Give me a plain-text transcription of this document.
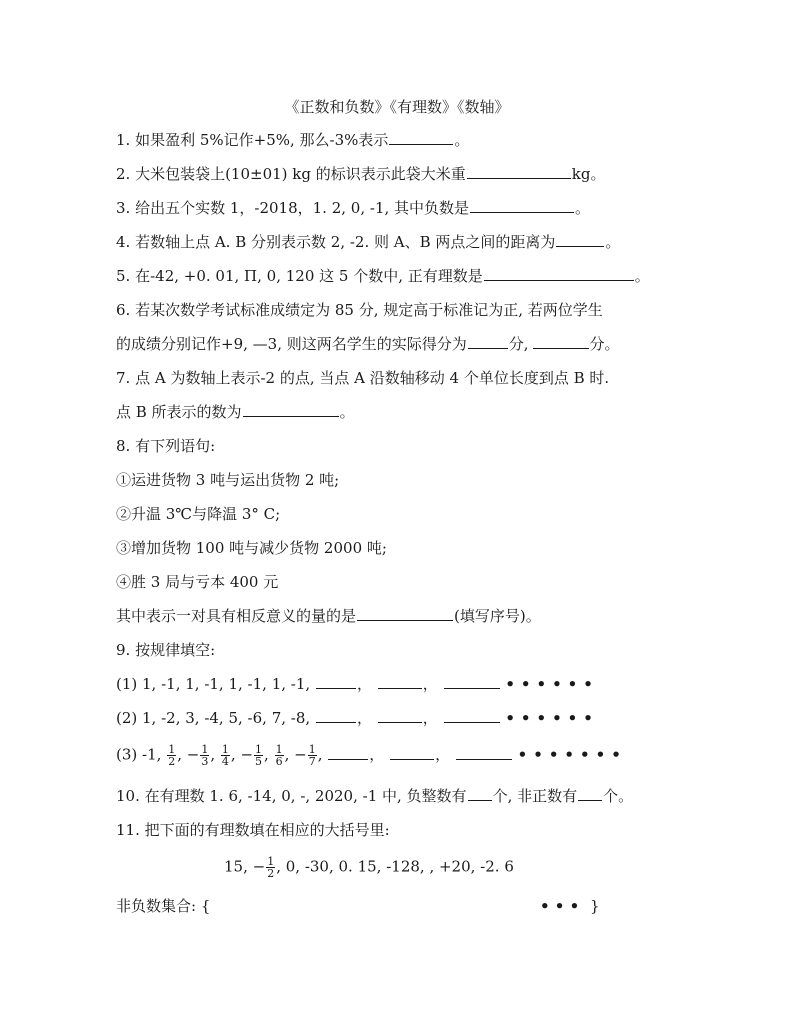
《正数和负数》《有理数》《数轴》
1. 如果盈利 5%记作+5%, 那么-3%表示	。
2. 大米包装袋上(10±01) kg 的标识表示此袋大米重	kg。
3. 给出五个实数 1，-2018，1. 2, 0, -1, 其中负数是	。
4. 若数轴上点 A. B 分别表示数 2, -2. 则 A、B 两点之间的距离为	。
5. 在-42, +0. 01, Π, 0, 120 这 5 个数中, 正有理数是	。
6. 若某次数学考试标准成绩定为 85 分, 规定高于标准记为正, 若两位学生
的成绩分别记作+9, —3, 则这两名学生的实际得分为	分,	分。
7. 点 A 为数轴上表示-2 的点, 当点 A 沿数轴移动 4 个单位长度到点 B 时.
点 B 所表示的数为	。
8. 有下列语句:
①运进货物 3 吨与运出货物 2 吨;
②升温 3℃与降温 3° C;
③增加货物 100 吨与减少货物 2000 吨;
④胜 3 局与亏本 400 元
其中表示一对具有相反意义的量的是	(填写序号)。
9. 按规律填空:
(1) 1, -1, 1, -1, 1, -1, 1, -1,	，	，	••••••
(2) 1, -2, 3, -4, 5, -6, 7, -8,	，	，	••••••
(3) -1, $\frac{1}{2}$ , − $\frac{1}{3}$ , $\frac{1}{4}$ , − $\frac{1}{5}$ , $\frac{1}{6}$ , − $\frac{1}{7}$ ,	，	，	•••••••
10. 在有理数 1. 6, -14, 0, -, 2020, -1 中, 负整数有 个, 非正数有 个。
11. 把下面的有理数填在相应的大括号里:
15, − $\frac{1}{2}$ , 0, -30, 0. 15, -128, , +20, -2. 6
非负数集合: {	• • • }
